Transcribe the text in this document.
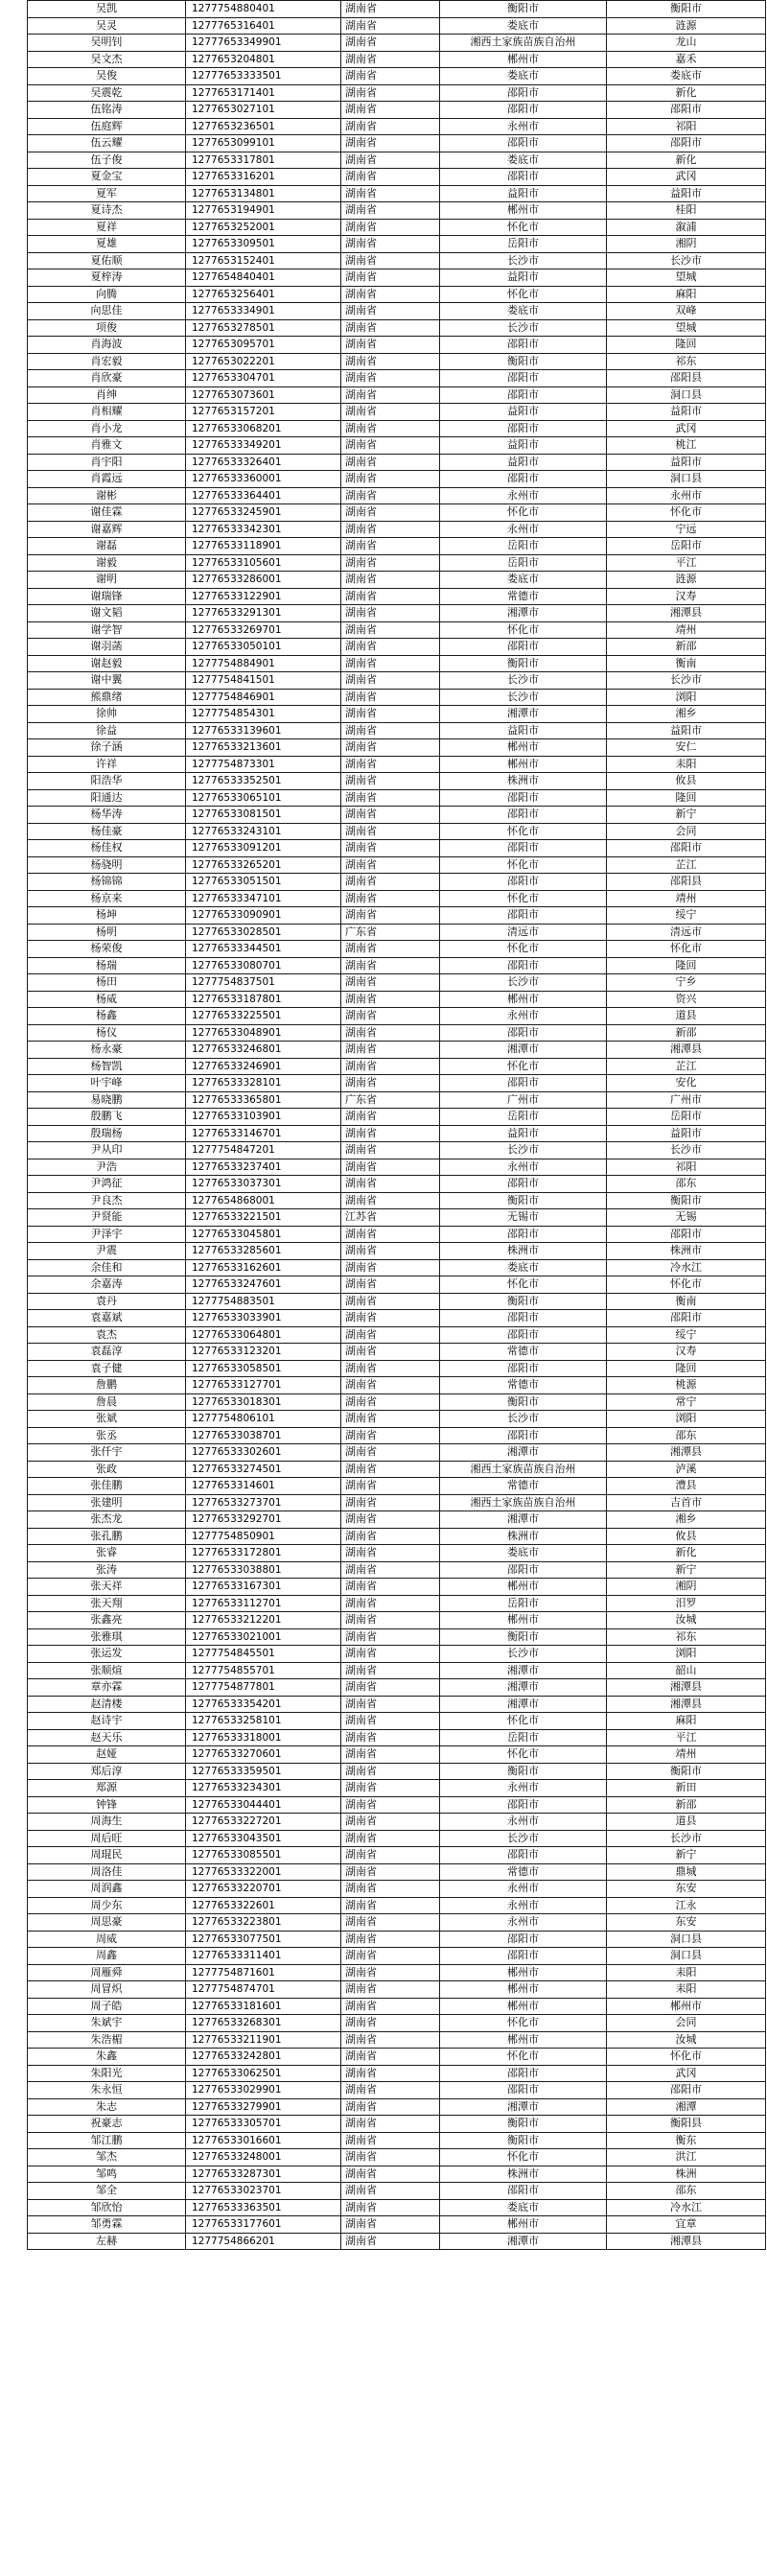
吴凯	1277754880401	湖南省	衡阳市	衡阳市
吴灵	1277765316401	湖南省	娄底市	涟源
吴明钊	12777653349901	湖南省	湘西土家族苗族自治州	龙山
吴文杰	1277653204801	湖南省	郴州市	嘉禾
吴俊	12777653333501	湖南省	娄底市	娄底市
吴震乾	1277653171401	湖南省	邵阳市	新化
伍铭涛	1277653027101	湖南省	邵阳市	邵阳市
伍庭辉	1277653236501	湖南省	永州市	祁阳
伍云耀	1277653099101	湖南省	邵阳市	邵阳市
伍子俊	1277653317801	湖南省	娄底市	新化
夏金宝	1277653316201	湖南省	邵阳市	武冈
夏军	1277653134801	湖南省	益阳市	益阳市
夏诗杰	1277653194901	湖南省	郴州市	桂阳
夏祥	1277653252001	湖南省	怀化市	溆浦
夏雄	1277653309501	湖南省	岳阳市	湘阴
夏佑顺	1277653152401	湖南省	长沙市	长沙市
夏梓涛	1277654840401	湖南省	益阳市	望城
向腾	1277653256401	湖南省	怀化市	麻阳
向思佳	1277653334901	湖南省	娄底市	双峰
项俊	1277653278501	湖南省	长沙市	望城
肖海波	1277653095701	湖南省	邵阳市	隆回
肖宏毅	1277653022201	湖南省	衡阳市	祁东
肖欣豪	1277653304701	湖南省	邵阳市	邵阳县
肖绅	1277653073601	湖南省	邵阳市	洞口县
肖相耀	1277653157201	湖南省	益阳市	益阳市
肖小龙	12776533068201	湖南省	邵阳市	武冈
肖雅文	12776533349201	湖南省	益阳市	桃江
肖宇阳	12776533326401	湖南省	益阳市	益阳市
肖霞远	12776533360001	湖南省	邵阳市	洞口县
谢彬	12776533364401	湖南省	永州市	永州市
谢佳霖	12776533245901	湖南省	怀化市	怀化市
谢嘉辉	12776533342301	湖南省	永州市	宁远
谢磊	12776533118901	湖南省	岳阳市	岳阳市
谢毅	12776533105601	湖南省	岳阳市	平江
谢明	12776533286001	湖南省	娄底市	涟源
谢瑞锋	12776533122901	湖南省	常德市	汉寿
谢文韬	12776533291301	湖南省	湘潭市	湘潭县
谢学智	12776533269701	湖南省	怀化市	靖州
谢羽菡	12776533050101	湖南省	邵阳市	新邵
谢赵毅	1277754884901	湖南省	衡阳市	衡南
谢中翼	1277754841501	湖南省	长沙市	长沙市
熊鼎绪	1277754846901	湖南省	长沙市	浏阳
徐帅	1277754854301	湖南省	湘潭市	湘乡
徐益	12776533139601	湖南省	益阳市	益阳市
徐子涵	12776533213601	湖南省	郴州市	安仁
许祥	1277754873301	湖南省	郴州市	耒阳
阳浩华	12776533352501	湖南省	株洲市	攸县
阳通达	12776533065101	湖南省	邵阳市	隆回
杨华涛	12776533081501	湖南省	邵阳市	新宁
杨佳豪	12776533243101	湖南省	怀化市	会同
杨佳权	12776533091201	湖南省	邵阳市	邵阳市
杨骁明	12776533265201	湖南省	怀化市	芷江
杨锦锦	12776533051501	湖南省	邵阳市	邵阳县
杨京来	12776533347101	湖南省	怀化市	靖州
杨坤	12776533090901	湖南省	邵阳市	绥宁
杨明	12776533028501	广东省	清远市	清远市
杨荣俊	12776533344501	湖南省	怀化市	怀化市
杨瑞	12776533080701	湖南省	邵阳市	隆回
杨田	1277754837501	湖南省	长沙市	宁乡
杨威	12776533187801	湖南省	郴州市	资兴
杨鑫	12776533225501	湖南省	永州市	道县
杨仪	12776533048901	湖南省	邵阳市	新邵
杨永豪	12776533246801	湖南省	湘潭市	湘潭县
杨智凯	12776533246901	湖南省	怀化市	芷江
叶宇峰	12776533328101	湖南省	邵阳市	安化
易晓鹏	12776533365801	广东省	广州市	广州市
殷鹏飞	12776533103901	湖南省	岳阳市	岳阳市
殷瑞杨	12776533146701	湖南省	益阳市	益阳市
尹从印	1277754847201	湖南省	长沙市	长沙市
尹浩	12776533237401	湖南省	永州市	祁阳
尹鸿征	12776533037301	湖南省	邵阳市	邵东
尹良杰	1277654868001	湖南省	衡阳市	衡阳市
尹贤能	12776533221501	江苏省	无锡市	无锡
尹泽宇	12776533045801	湖南省	邵阳市	邵阳市
尹震	12776533285601	湖南省	株洲市	株洲市
余佳和	12776533162601	湖南省	娄底市	冷水江
余嘉涛	12776533247601	湖南省	怀化市	怀化市
袁丹	1277754883501	湖南省	衡阳市	衡南
袁嘉斌	12776533033901	湖南省	邵阳市	邵阳市
袁杰	12776533064801	湖南省	邵阳市	绥宁
袁磊淳	12776533123201	湖南省	常德市	汉寿
袁子健	12776533058501	湖南省	邵阳市	隆回
詹鹏	12776533127701	湖南省	常德市	桃源
詹晨	12776533018301	湖南省	衡阳市	常宁
张斌	1277754806101	湖南省	长沙市	浏阳
张丞	12776533038701	湖南省	邵阳市	邵东
张仟宇	12776533302601	湖南省	湘潭市	湘潭县
张政	12776533274501	湖南省	湘西土家族苗族自治州	泸溪
张佳鹏	1277653314601	湖南省	常德市	澧县
张建明	12776533273701	湖南省	湘西土家族苗族自治州	吉首市
张杰龙	12776533292701	湖南省	湘潭市	湘乡
张孔鹏	1277754850901	湖南省	株洲市	攸县
张睿	12776533172801	湖南省	娄底市	新化
张涛	12776533038801	湖南省	邵阳市	新宁
张天祥	12776533167301	湖南省	郴州市	湘阴
张天翔	12776533112701	湖南省	岳阳市	汨罗
张鑫亮	12776533212201	湖南省	郴州市	汝城
张雅琪	12776533021001	湖南省	衡阳市	祁东
张运发	1277754845501	湖南省	长沙市	浏阳
张顺煊	1277754855701	湖南省	湘潭市	韶山
章亦霖	1277754877801	湖南省	湘潭市	湘潭县
赵清楼	12776533354201	湖南省	湘潭市	湘潭县
赵诗宇	12776533258101	湖南省	怀化市	麻阳
赵天乐	12776533318001	湖南省	岳阳市	平江
赵娅	12776533270601	湖南省	怀化市	靖州
郑后淳	12776533359501	湖南省	衡阳市	衡阳市
郑源	12776533234301	湖南省	永州市	新田
钟锋	12776533044401	湖南省	邵阳市	新邵
周海生	12776533227201	湖南省	永州市	道县
周后旺	12776533043501	湖南省	长沙市	长沙市
周琨民	12776533085501	湖南省	邵阳市	新宁
周洛佳	12776533322001	湖南省	常德市	鼎城
周润鑫	12776533220701	湖南省	永州市	东安
周少东	1277653322601	湖南省	永州市	江永
周思豪	12776533223801	湖南省	永州市	东安
周威	12776533077501	湖南省	邵阳市	洞口县
周鑫	12776533311401	湖南省	邵阳市	洞口县
周雁舜	1277754871601	湖南省	郴州市	耒阳
周冒炽	1277754874701	湖南省	郴州市	耒阳
周子皓	12776533181601	湖南省	郴州市	郴州市
朱斌宇	12776533268301	湖南省	怀化市	会同
朱浩楣	12776533211901	湖南省	郴州市	汝城
朱鑫	12776533242801	湖南省	怀化市	怀化市
朱阳光	12776533062501	湖南省	邵阳市	武冈
朱永恒	12776533029901	湖南省	邵阳市	邵阳市
朱志	12776533279901	湖南省	湘潭市	湘潭
祝豪志	12776533305701	湖南省	衡阳市	衡阳县
邹江鹏	12776533016601	湖南省	衡阳市	衡东
邹杰	12776533248001	湖南省	怀化市	洪江
邹鸣	12776533287301	湖南省	株洲市	株洲
邹全	12776533023701	湖南省	邵阳市	邵东
邹欣怡	12776533363501	湖南省	娄底市	冷水江
邹勇霖	12776533177601	湖南省	郴州市	宜章
左赫	1277754866201	湖南省	湘潭市	湘潭县
